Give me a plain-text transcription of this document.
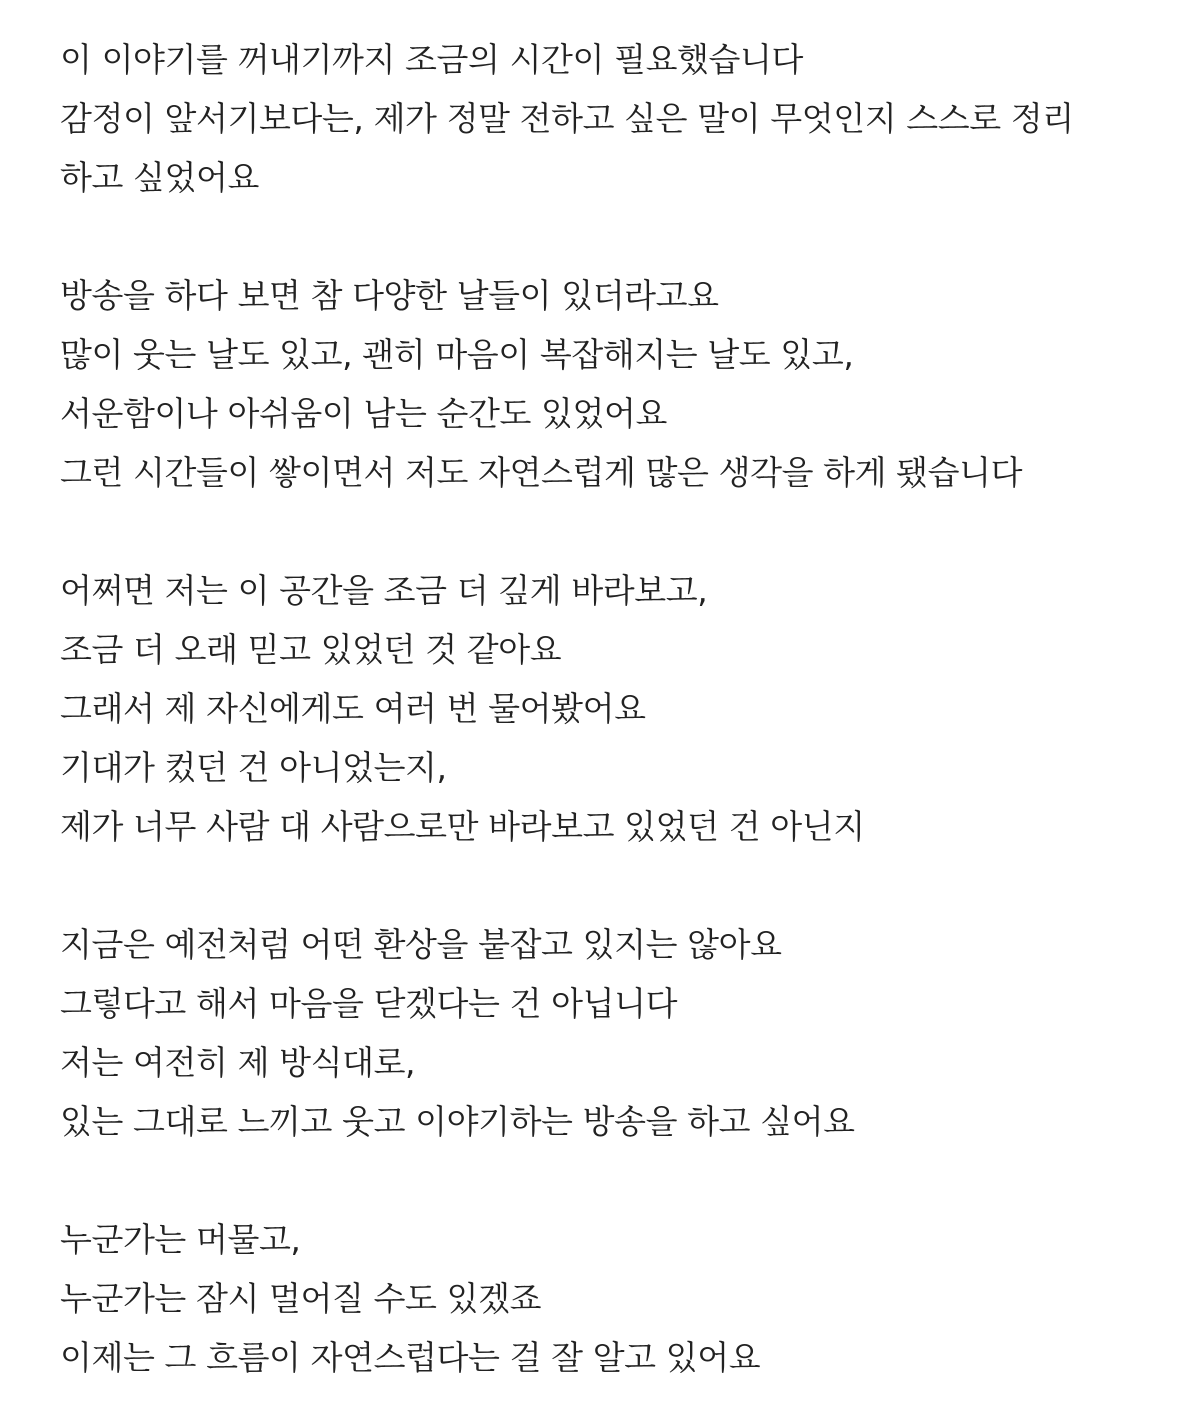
이 이야기를 꺼내기까지 조금의 시간이 필요했습니다
감정이 앞서기보다는, 제가 정말 전하고 싶은 말이 무엇인지 스스로 정리
하고 싶었어요

방송을 하다 보면 참 다양한 날들이 있더라고요
많이 웃는 날도 있고, 괜히 마음이 복잡해지는 날도 있고,
서운함이나 아쉬움이 남는 순간도 있었어요
그런 시간들이 쌓이면서 저도 자연스럽게 많은 생각을 하게 됐습니다

어쩌면 저는 이 공간을 조금 더 깊게 바라보고,
조금 더 오래 믿고 있었던 것 같아요
그래서 제 자신에게도 여러 번 물어봤어요
기대가 컸던 건 아니었는지,
제가 너무 사람 대 사람으로만 바라보고 있었던 건 아닌지

지금은 예전처럼 어떤 환상을 붙잡고 있지는 않아요
그렇다고 해서 마음을 닫겠다는 건 아닙니다
저는 여전히 제 방식대로,
있는 그대로 느끼고 웃고 이야기하는 방송을 하고 싶어요

누군가는 머물고,
누군가는 잠시 멀어질 수도 있겠죠
이제는 그 흐름이 자연스럽다는 걸 잘 알고 있어요
